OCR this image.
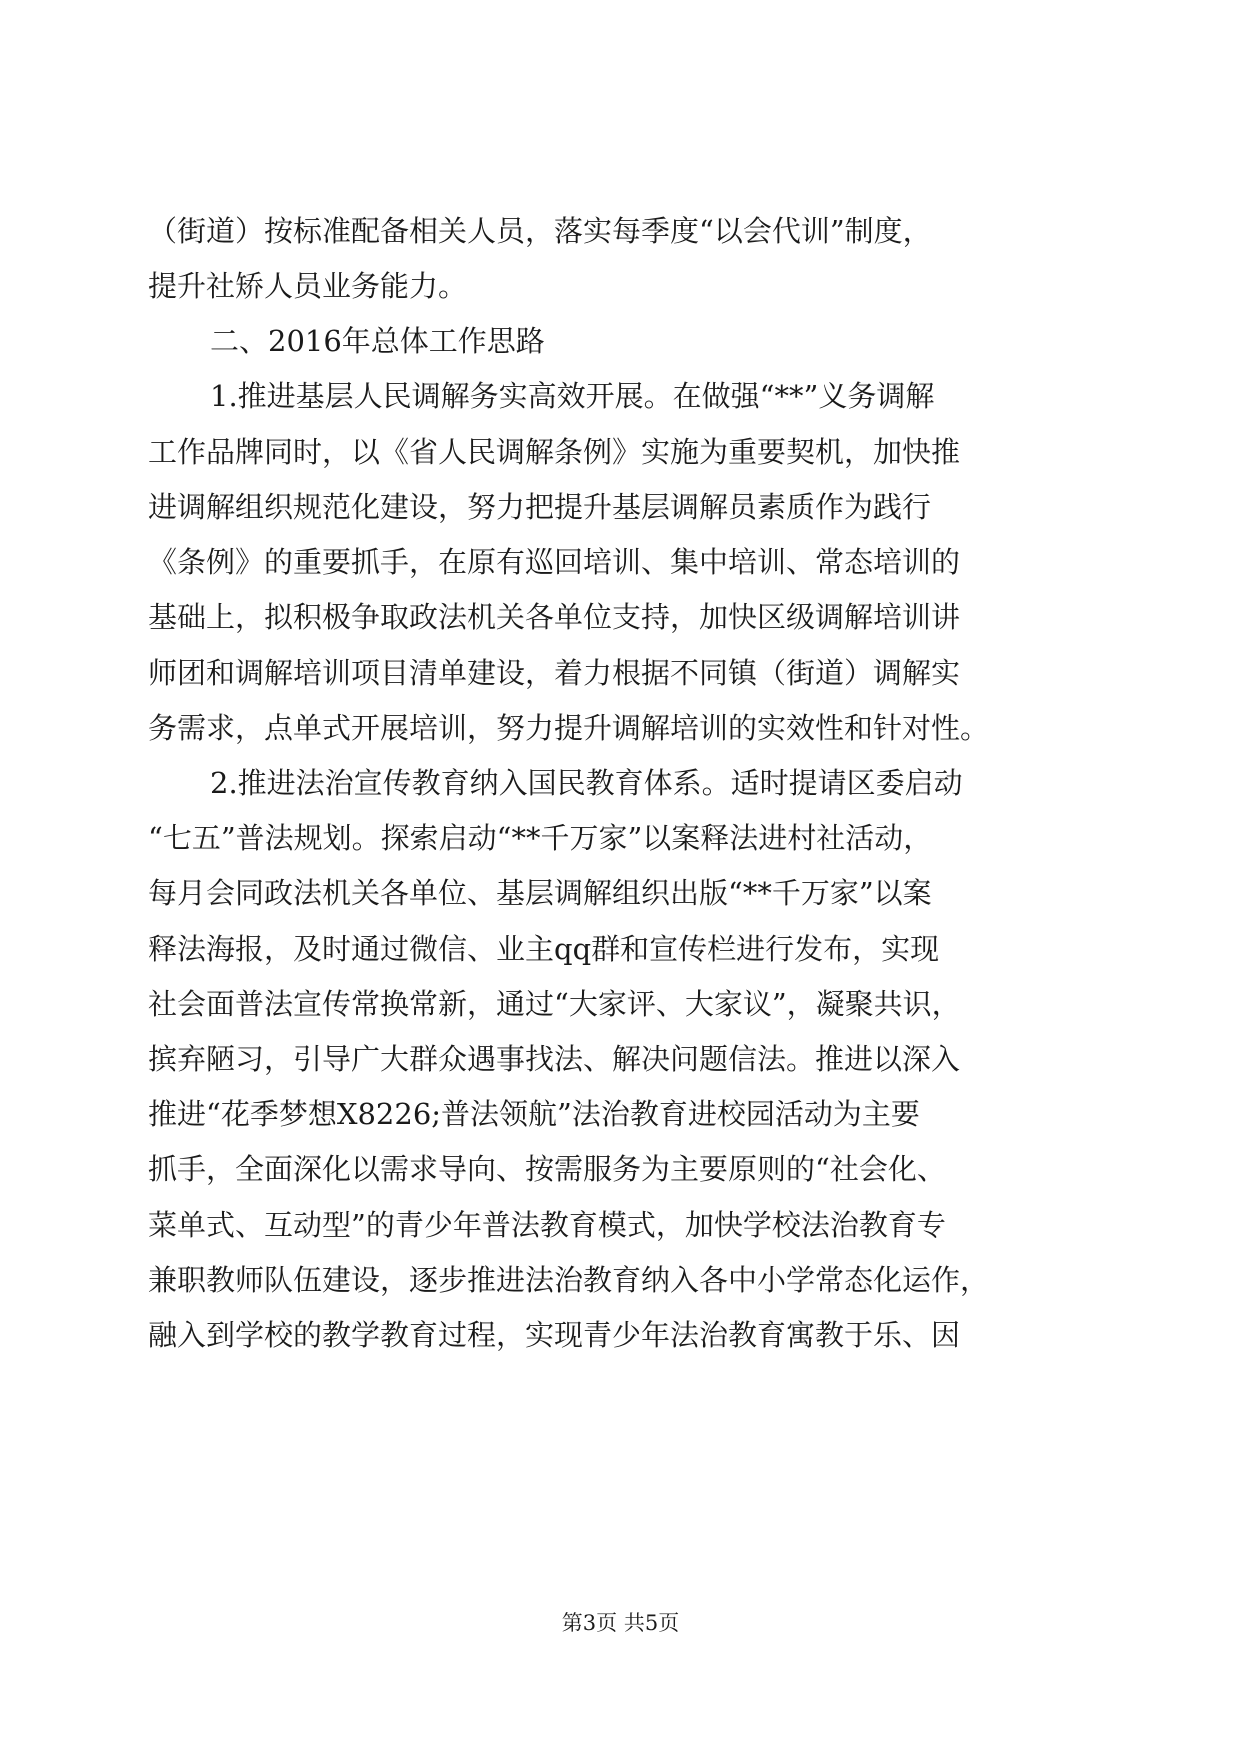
（街道）按标准配备相关人员，落实每季度“以会代训”制度，
提升社矫人员业务能力。
二、2016年总体工作思路
1.推进基层人民调解务实高效开展。在做强“**”义务调解
工作品牌同时，以《省人民调解条例》实施为重要契机，加快推
进调解组织规范化建设，努力把提升基层调解员素质作为践行
《条例》的重要抓手，在原有巡回培训、集中培训、常态培训的
基础上，拟积极争取政法机关各单位支持，加快区级调解培训讲
师团和调解培训项目清单建设，着力根据不同镇（街道）调解实
务需求，点单式开展培训，努力提升调解培训的实效性和针对性。
2.推进法治宣传教育纳入国民教育体系。适时提请区委启动
“七五”普法规划。探索启动“**千万家”以案释法进村社活动，
每月会同政法机关各单位、基层调解组织出版“**千万家”以案
释法海报，及时通过微信、业主qq群和宣传栏进行发布，实现
社会面普法宣传常换常新，通过“大家评、大家议”，凝聚共识，
摈弃陋习，引导广大群众遇事找法、解决问题信法。推进以深入
推进“花季梦想X8226;普法领航”法治教育进校园活动为主要
抓手，全面深化以需求导向、按需服务为主要原则的“社会化、
菜单式、互动型”的青少年普法教育模式，加快学校法治教育专
兼职教师队伍建设，逐步推进法治教育纳入各中小学常态化运作，
融入到学校的教学教育过程，实现青少年法治教育寓教于乐、因
第3页 共5页
